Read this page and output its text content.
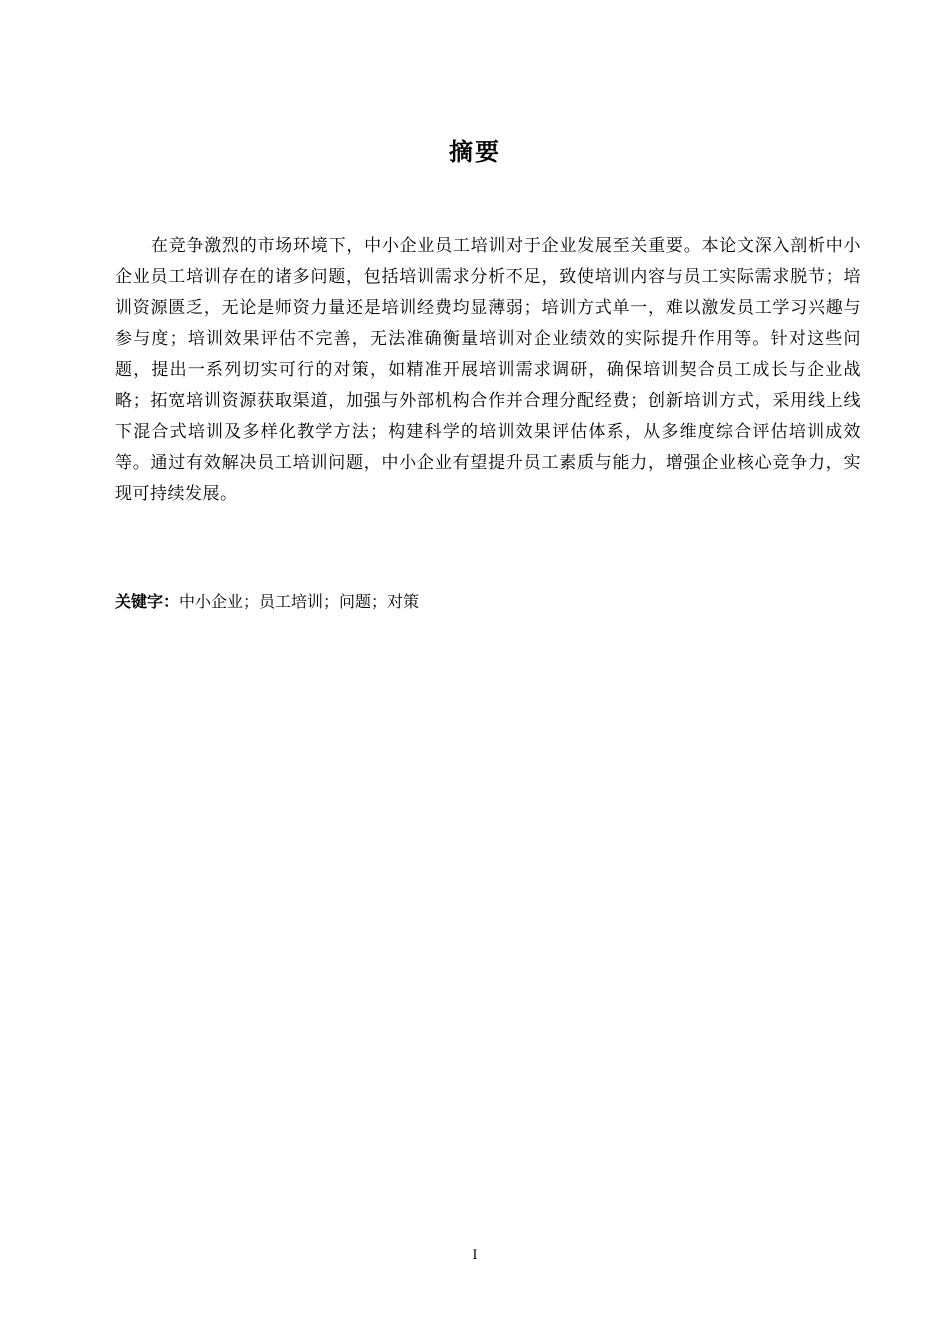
摘要

在竞争激烈的市场环境下，中小企业员工培训对于企业发展至关重要。本论文深入剖析中小企业员工培训存在的诸多问题，包括培训需求分析不足，致使培训内容与员工实际需求脱节；培训资源匮乏，无论是师资力量还是培训经费均显薄弱；培训方式单一，难以激发员工学习兴趣与参与度；培训效果评估不完善，无法准确衡量培训对企业绩效的实际提升作用等。针对这些问题，提出一系列切实可行的对策，如精准开展培训需求调研，确保培训契合员工成长与企业战略；拓宽培训资源获取渠道，加强与外部机构合作并合理分配经费；创新培训方式，采用线上线下混合式培训及多样化教学方法；构建科学的培训效果评估体系，从多维度综合评估培训成效等。通过有效解决员工培训问题，中小企业有望提升员工素质与能力，增强企业核心竞争力，实现可持续发展。

关键字：中小企业；员工培训；问题；对策

I
